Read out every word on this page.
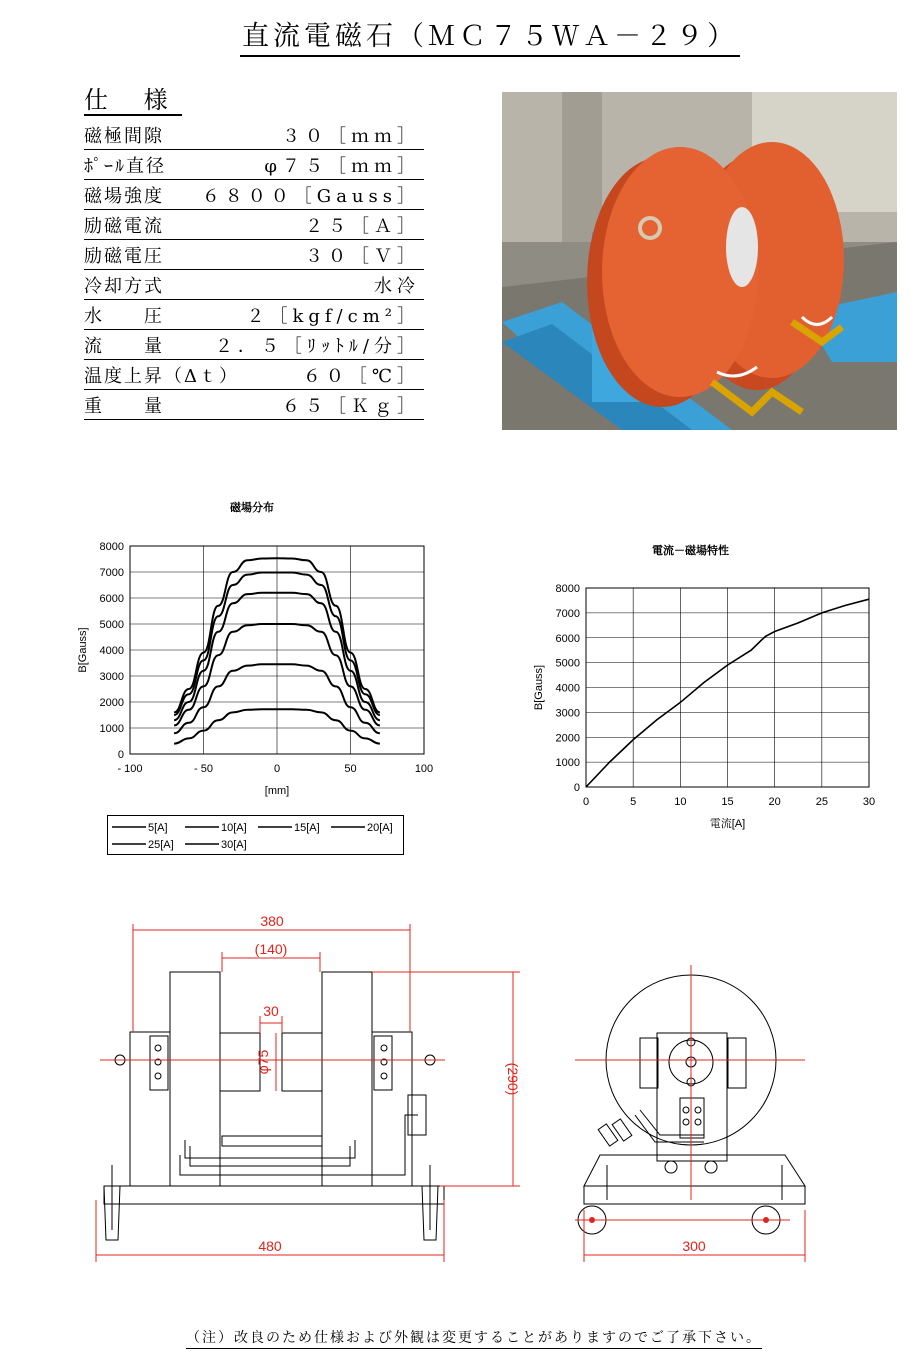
直流電磁石（ＭＣ７５ＷＡ－２９）
仕 様
磁極間隙	３０［ｍｍ］
ﾎﾟｰﾙ直径	φ７５［ｍｍ］
磁場強度 ６８００［Gauss］
励磁電流	２５［Ａ］
励磁電圧	３０［Ｖ］
冷却方式	水冷
水　　圧	２［kgf/cm²］
流　　量	２．５［ﾘｯﾄﾙ/分］
温度上昇（Δｔ）	６０［℃］
重　　量	６５［Ｋｇ］
磁場分布
0
1000
2000
3000
4000
5000
6000
7000
8000
- 100	- 50	0	50	100
[mm]
B[Gauss]
5[A]	10[A]	15[A]	20[A]
25[A]	30[A]
電流－磁場特性
0
1000
2000
3000
4000
5000
6000
7000
8000
0	5	10	15	20	25	30
電流[A]
B[Gauss]
380
(140)
30
φ75
(290)
480	300
（注）改良のため仕様および外観は変更することがありますのでご了承下さい。
